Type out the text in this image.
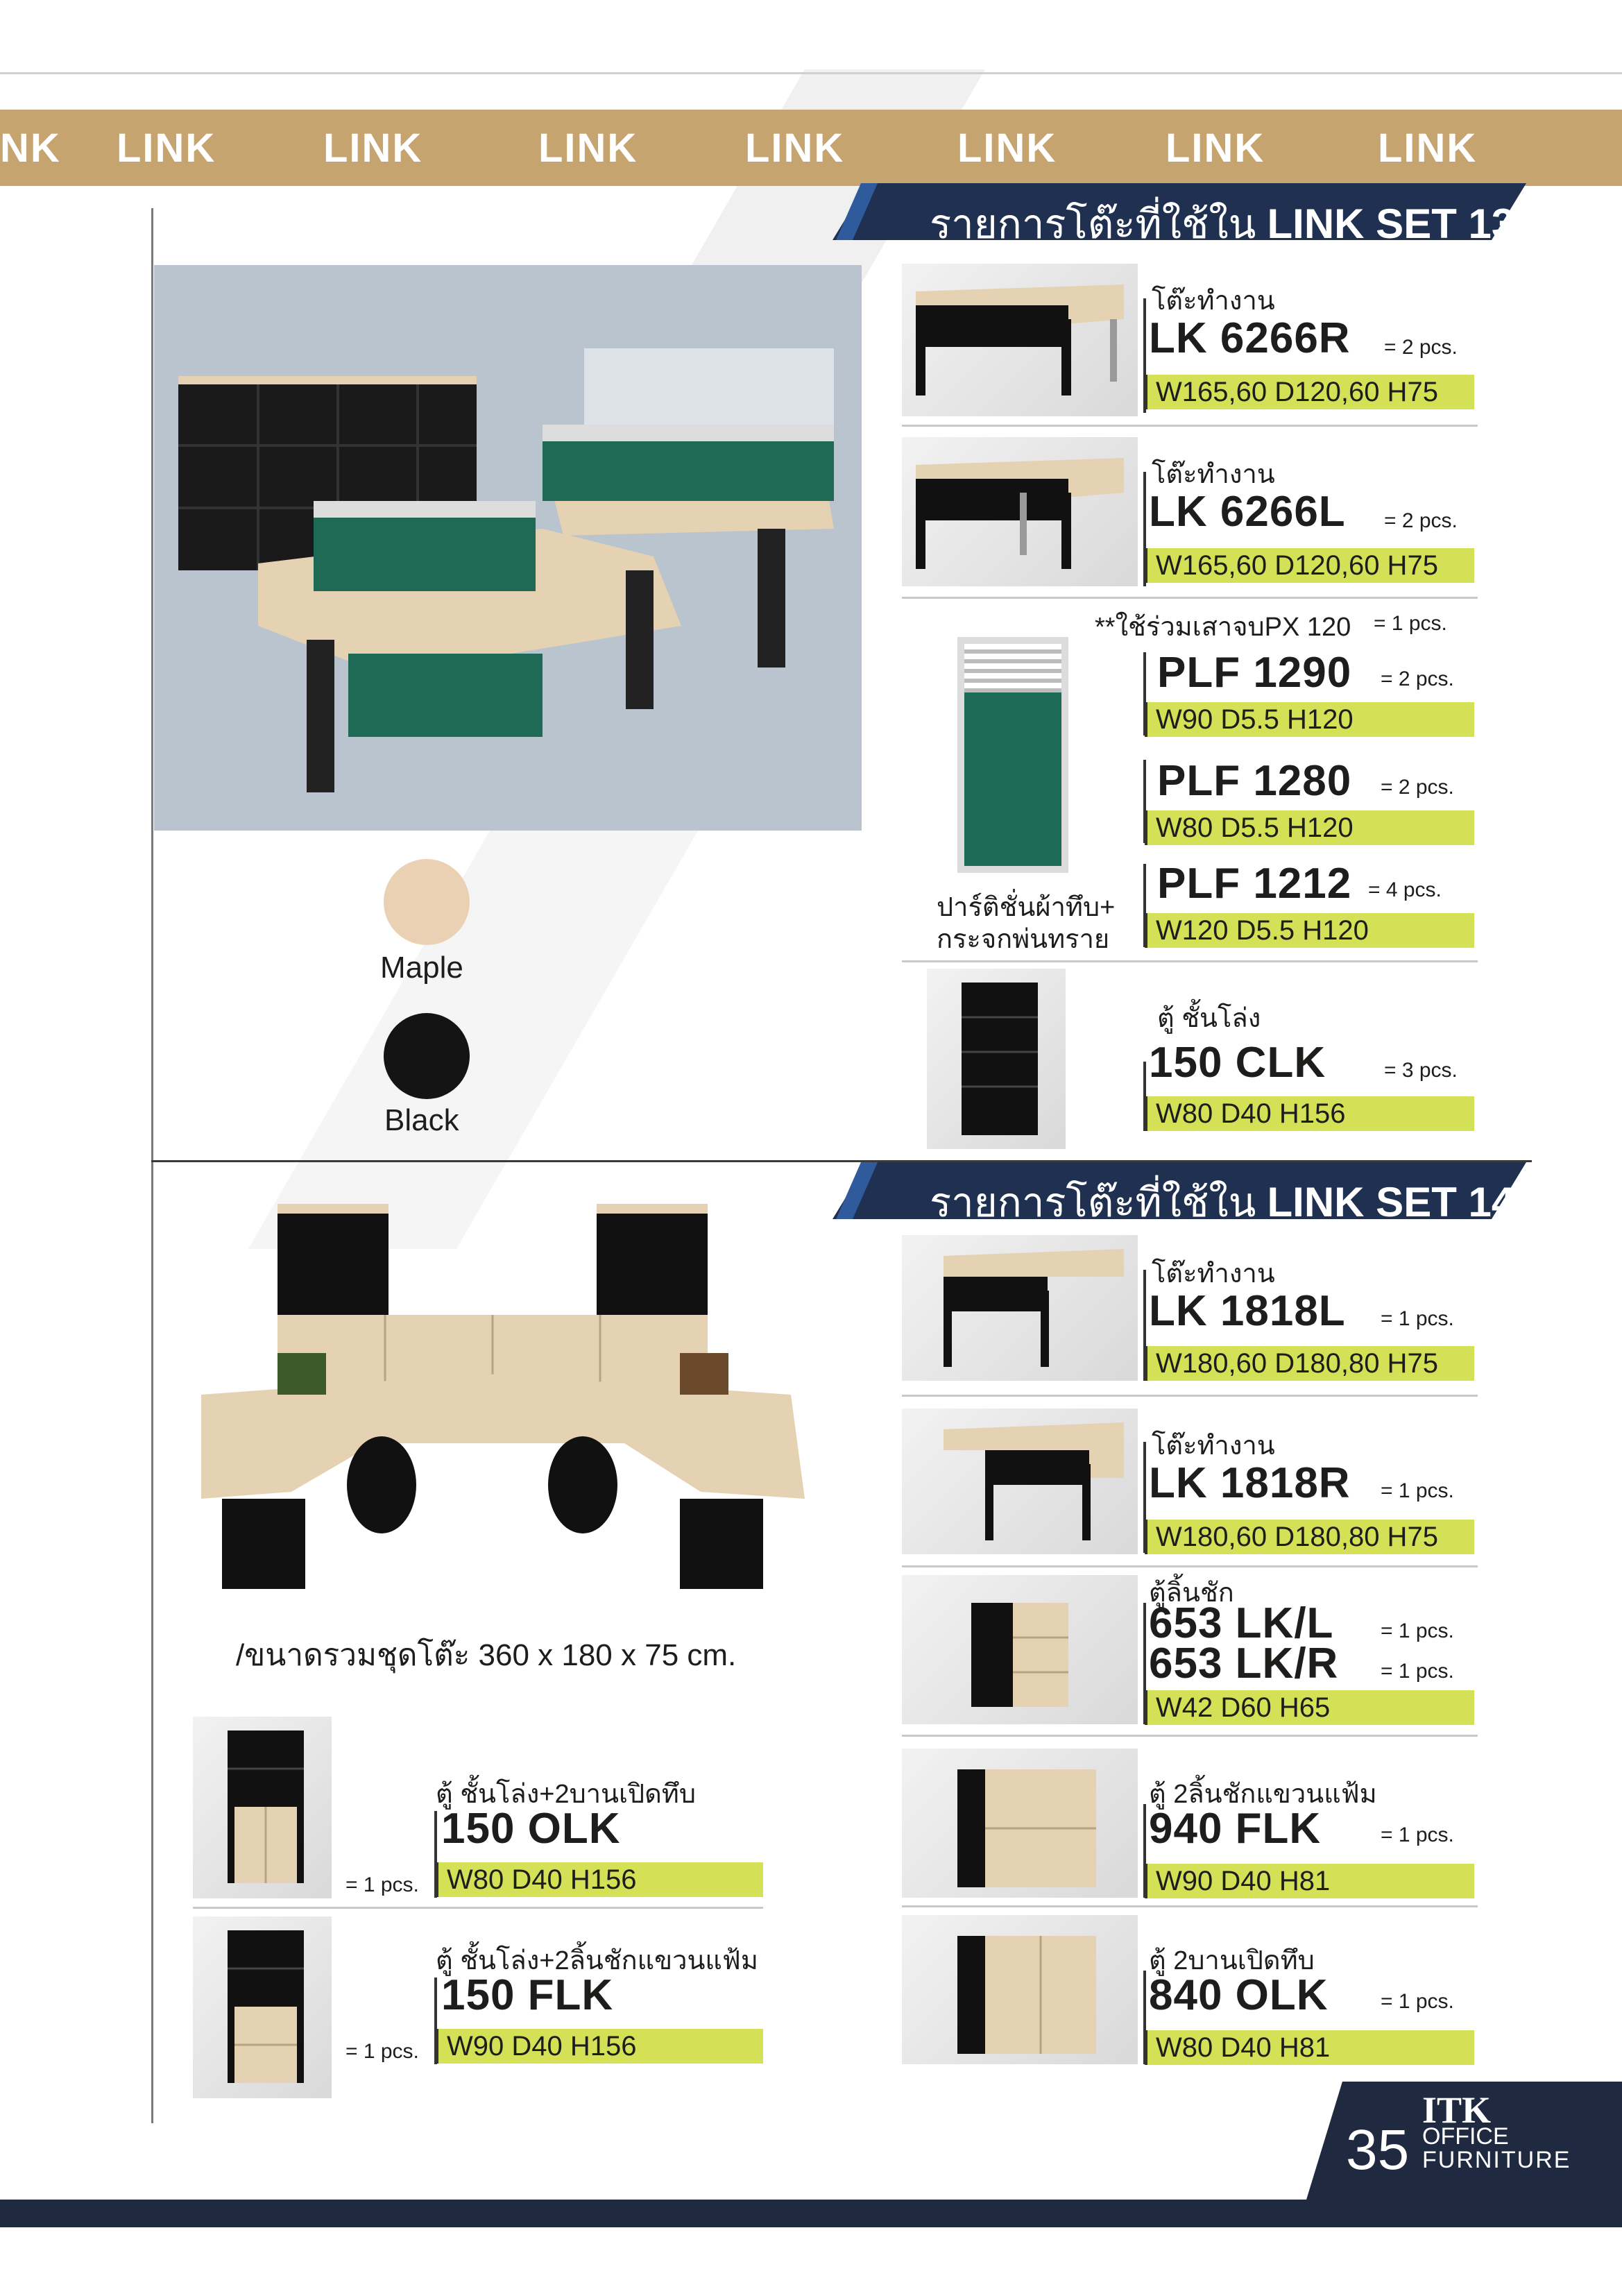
NK LINK	LINK	LINK	LINK	LINK	LINK	LINK
รายการโต๊ะที่ใช้ใน LINK SET 13
Maple
Black
โต๊ะทำงาน
LK 6266R = 2 pcs.
W165,60 D120,60 H75
โต๊ะทำงาน
LK 6266L = 2 pcs.
W165,60 D120,60 H75
**ใช้ร่วมเสาจบPX 120 = 1 pcs.
ปาร์ติชั่นผ้าทึบ+
กระจกพ่นทราย
PLF 1290 = 2 pcs.
W90 D5.5 H120
PLF 1280 = 2 pcs.
W80 D5.5 H120
PLF 1212 = 4 pcs.
W120 D5.5 H120
ตู้ ชั้นโล่ง
150 CLK	= 3 pcs.
W80 D40 H156
รายการโต๊ะที่ใช้ใน LINK SET 14
/ขนาดรวมชุดโต๊ะ 360 x 180 x 75 cm.
โต๊ะทำงาน
LK 1818L = 1 pcs.
W180,60 D180,80 H75
โต๊ะทำงาน
LK 1818R = 1 pcs.
W180,60 D180,80 H75
ตู้ลิ้นชัก
653 LK/L = 1 pcs.
653 LK/R = 1 pcs.
W42 D60 H65
ตู้ 2ลิ้นชักแขวนแฟ้ม
940 FLK	= 1 pcs.
W90 D40 H81
ตู้ 2บานเปิดทึบ
840 OLK	= 1 pcs.
W80 D40 H81
ตู้ ชั้นโล่ง+2บานเปิดทึบ
150 OLK
= 1 pcs.	W80 D40 H156
ตู้ ชั้นโล่ง+2ลิ้นชักแขวนแฟ้ม
150 FLK
= 1 pcs.	W90 D40 H156
35
ITK
OFFICE
FURNITURE
